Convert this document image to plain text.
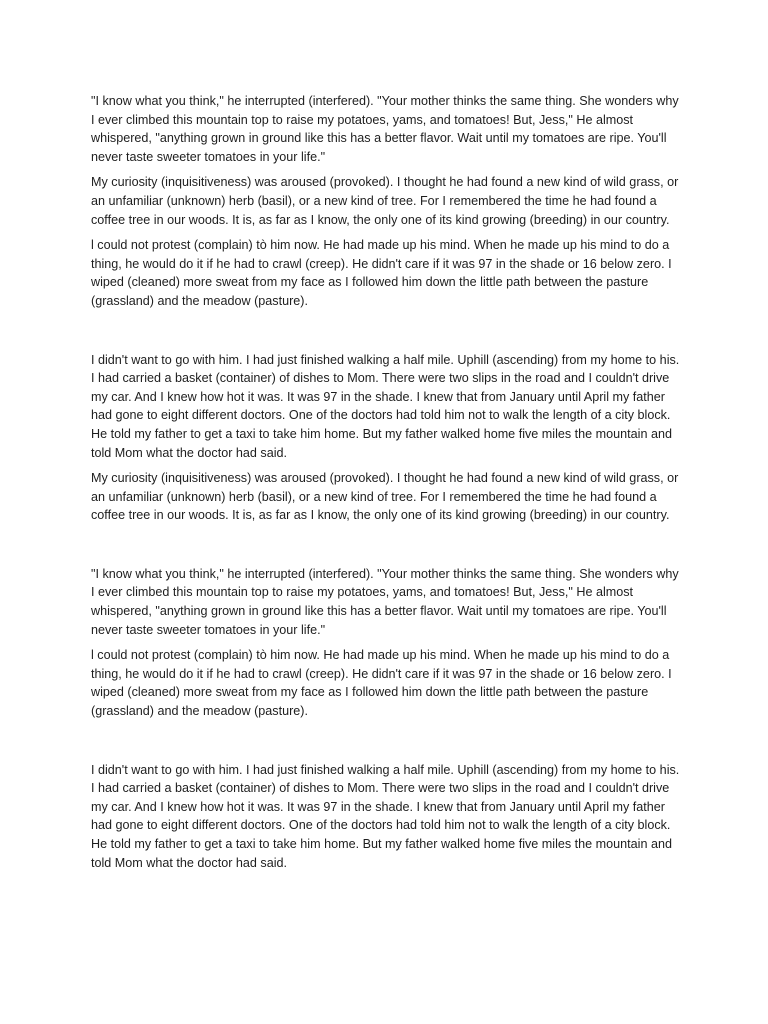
"I know what you think," he interrupted (interfered). "Your mother thinks the same thing. She wonders why I ever climbed this mountain top to raise my potatoes, yams, and tomatoes! But, Jess," He almost whispered, "anything grown in ground like this has a better flavor. Wait until my tomatoes are ripe. You'll never taste sweeter tomatoes in your life."

My curiosity (inquisitiveness) was aroused (provoked). I thought he had found a new kind of wild grass, or an unfamiliar (unknown) herb (basil), or a new kind of tree. For I remembered the time he had found a coffee tree in our woods. It is, as far as I know, the only one of its kind growing (breeding) in our country.

l could not protest (complain) tò him now. He had made up his mind. When he made up his mind to do a thing, he would do it if he had to crawl (creep). He didn't care if it was 97 in the shade or 16 below zero. I wiped (cleaned) more sweat from my face as I followed him down the little path between the pasture (grassland) and the meadow (pasture).

I didn't want to go with him. I had just finished walking a half mile. Uphill (ascending) from my home to his. I had carried a basket (container) of dishes to Mom. There were two slips in the road and I couldn't drive my car. And I knew how hot it was. It was 97 in the shade. I knew that from January until April my father had gone to eight different doctors. One of the doctors had told him not to walk the length of a city block. He told my father to get a taxi to take him home. But my father walked home five miles the mountain and told Mom what the doctor had said.

My curiosity (inquisitiveness) was aroused (provoked). I thought he had found a new kind of wild grass, or an unfamiliar (unknown) herb (basil), or a new kind of tree. For I remembered the time he had found a coffee tree in our woods. It is, as far as I know, the only one of its kind growing (breeding) in our country.

"I know what you think," he interrupted (interfered). "Your mother thinks the same thing. She wonders why I ever climbed this mountain top to raise my potatoes, yams, and tomatoes! But, Jess," He almost whispered, "anything grown in ground like this has a better flavor. Wait until my tomatoes are ripe. You'll never taste sweeter tomatoes in your life."

l could not protest (complain) tò him now. He had made up his mind. When he made up his mind to do a thing, he would do it if he had to crawl (creep). He didn't care if it was 97 in the shade or 16 below zero. I wiped (cleaned) more sweat from my face as I followed him down the little path between the pasture (grassland) and the meadow (pasture).

I didn't want to go with him. I had just finished walking a half mile. Uphill (ascending) from my home to his. I had carried a basket (container) of dishes to Mom. There were two slips in the road and I couldn't drive my car. And I knew how hot it was. It was 97 in the shade. I knew that from January until April my father had gone to eight different doctors. One of the doctors had told him not to walk the length of a city block. He told my father to get a taxi to take him home. But my father walked home five miles the mountain and told Mom what the doctor had said.
